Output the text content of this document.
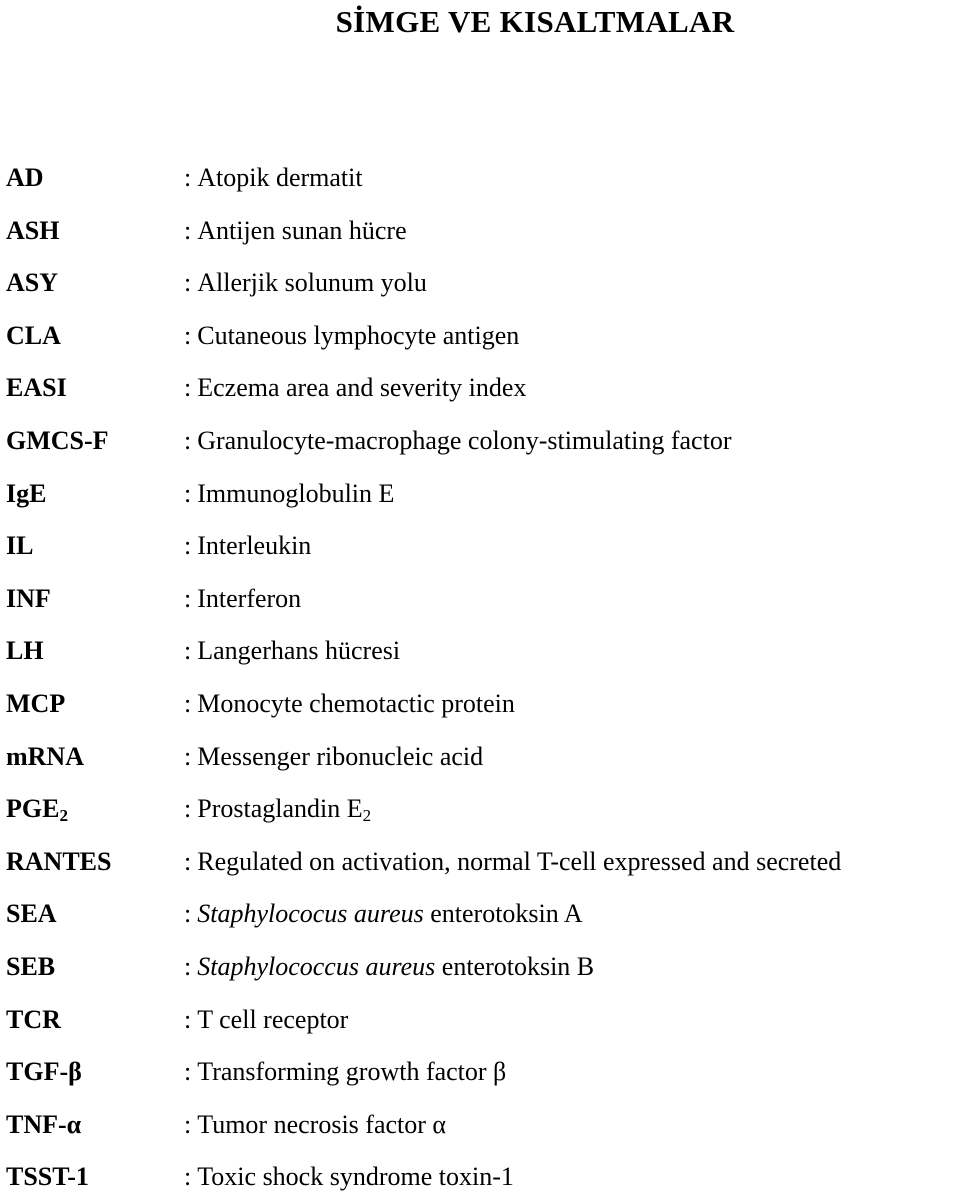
SİMGE VE KISALTMALAR
AD	: Atopik dermatit
ASH	: Antijen sunan hücre
ASY	: Allerjik solunum yolu
CLA	: Cutaneous lymphocyte antigen
EASI	: Eczema area and severity index
GMCS-F	: Granulocyte-macrophage colony-stimulating factor
IgE	: Immunoglobulin E
IL	: Interleukin
INF	: Interferon
LH	: Langerhans hücresi
MCP	: Monocyte chemotactic protein
mRNA	: Messenger ribonucleic acid
$PGE_2$	: Prostaglandin $E_2$
RANTES	: Regulated on activation, normal T-cell expressed and secreted
SEA	: Staphylococus aureus enterotoksin A
SEB	: Staphylococcus aureus enterotoksin B
TCR	: T cell receptor
TGF-β	: Transforming growth factor β
TNF-α	: Tumor necrosis factor α
TSST-1	: Toxic shock syndrome toxin-1
